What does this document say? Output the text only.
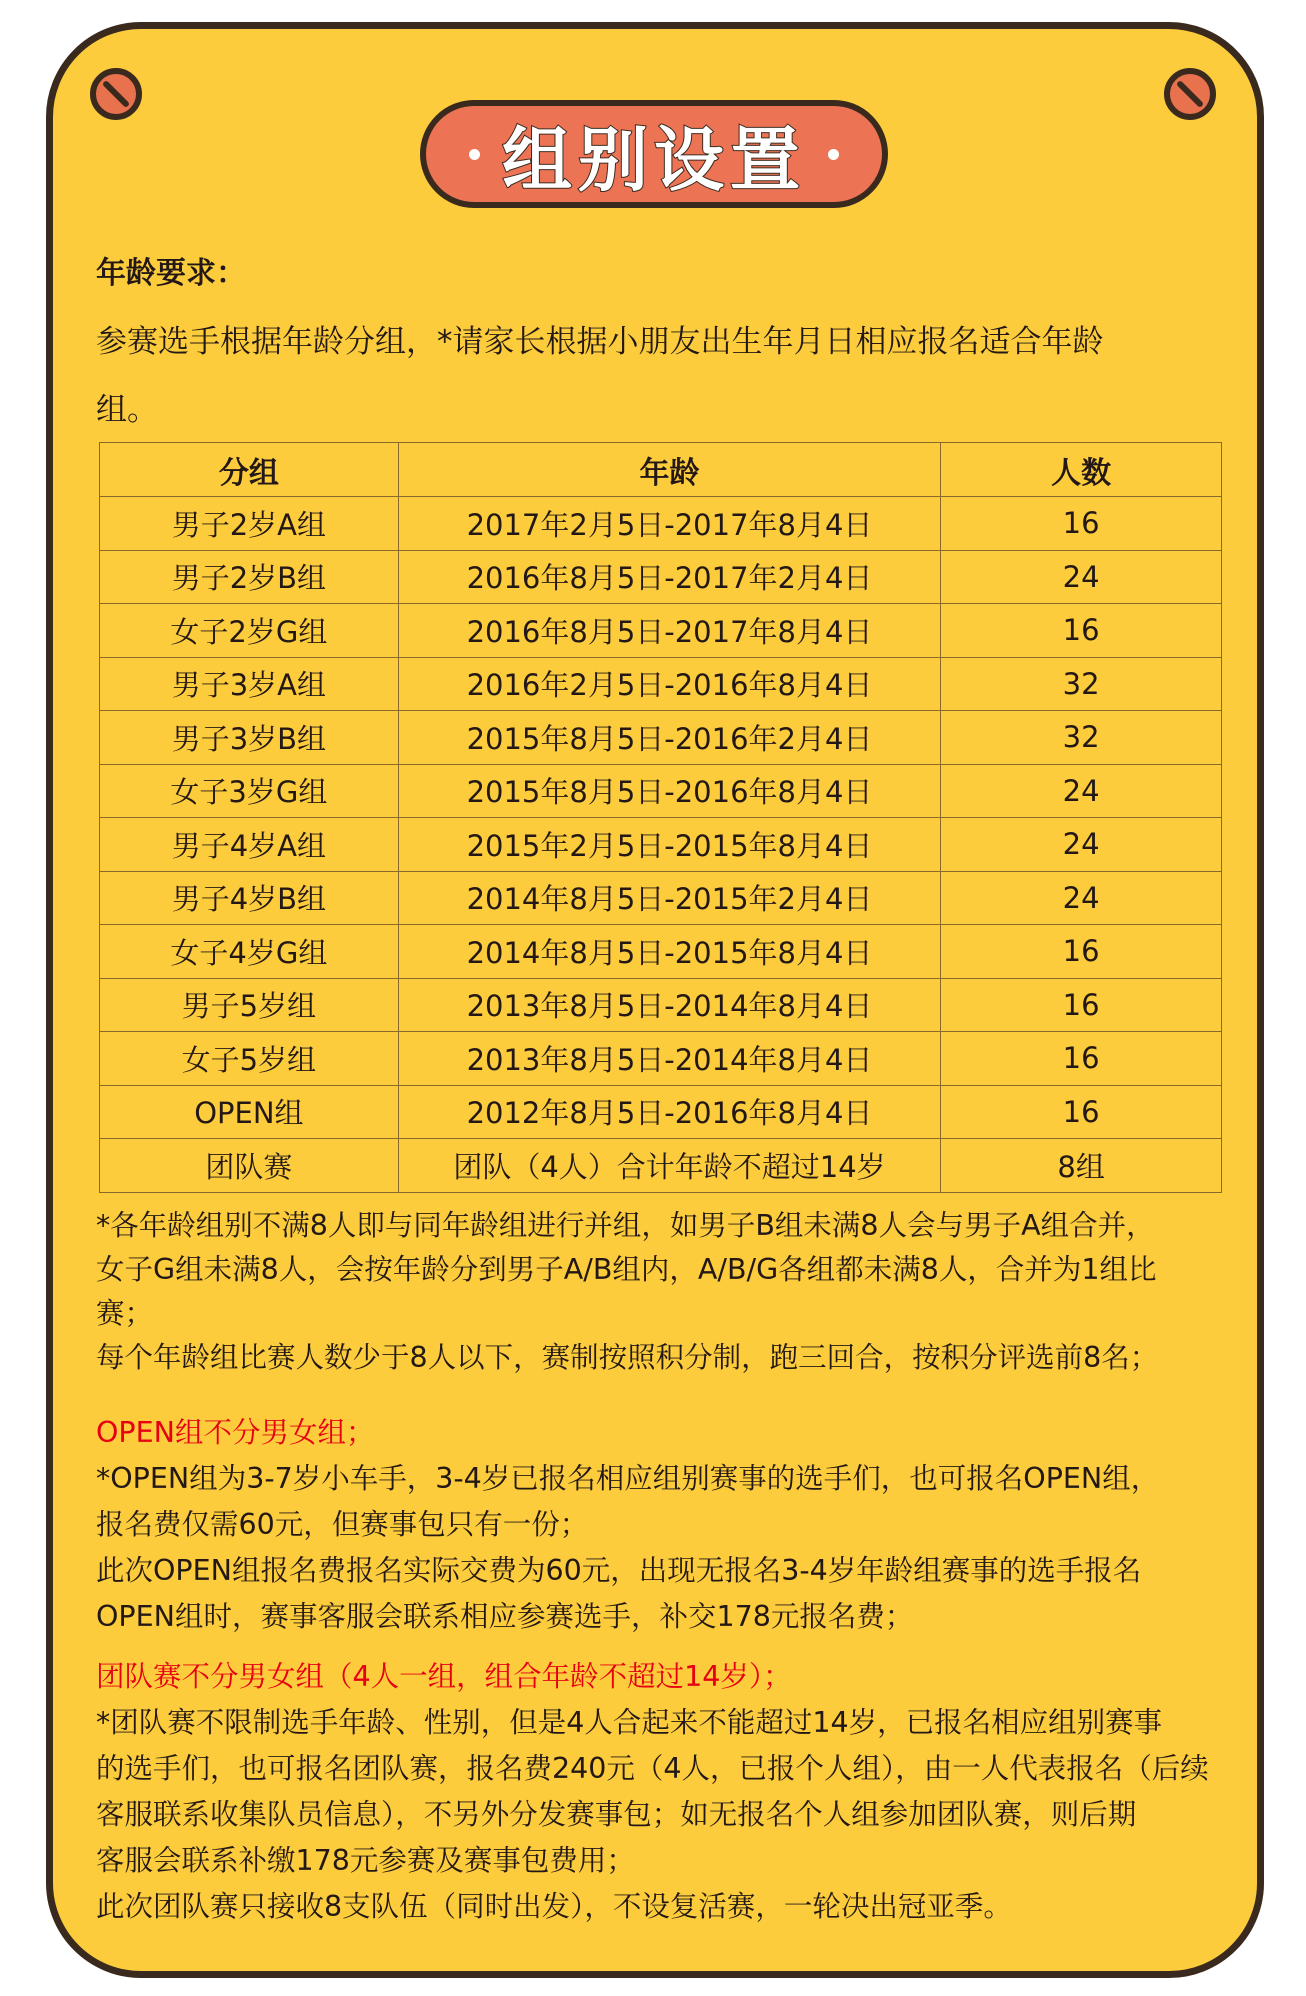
组别设置
年龄要求：
参赛选手根据年龄分组，*请家长根据小朋友出生年月日相应报名适合年龄
组。
分组	年龄	人数
男子2岁A组	2017年2月5日-2017年8月4日	16
男子2岁B组	2016年8月5日-2017年2月4日	24
女子2岁G组	2016年8月5日-2017年8月4日	16
男子3岁A组	2016年2月5日-2016年8月4日	32
男子3岁B组	2015年8月5日-2016年2月4日	32
女子3岁G组	2015年8月5日-2016年8月4日	24
男子4岁A组	2015年2月5日-2015年8月4日	24
男子4岁B组	2014年8月5日-2015年2月4日	24
女子4岁G组	2014年8月5日-2015年8月4日	16
男子5岁组	2013年8月5日-2014年8月4日	16
女子5岁组	2013年8月5日-2014年8月4日	16
OPEN组	2012年8月5日-2016年8月4日	16
团队赛	团队（4人）合计年龄不超过14岁	8组
*各年龄组别不满8人即与同年龄组进行并组，如男子B组未满8人会与男子A组合并，
女子G组未满8人，会按年龄分到男子A/B组内，A/B/G各组都未满8人，合并为1组比
赛；
每个年龄组比赛人数少于8人以下，赛制按照积分制，跑三回合，按积分评选前8名；
OPEN组不分男女组；
*OPEN组为3-7岁小车手，3-4岁已报名相应组别赛事的选手们，也可报名OPEN组，
报名费仅需60元，但赛事包只有一份；
此次OPEN组报名费报名实际交费为60元，出现无报名3-4岁年龄组赛事的选手报名
OPEN组时，赛事客服会联系相应参赛选手，补交178元报名费；
团队赛不分男女组（4人一组，组合年龄不超过14岁）；
*团队赛不限制选手年龄、性别，但是4人合起来不能超过14岁，已报名相应组别赛事
的选手们，也可报名团队赛，报名费240元（4人，已报个人组），由一人代表报名（后续
客服联系收集队员信息），不另外分发赛事包；如无报名个人组参加团队赛，则后期
客服会联系补缴178元参赛及赛事包费用；
此次团队赛只接收8支队伍（同时出发），不设复活赛，一轮决出冠亚季。
